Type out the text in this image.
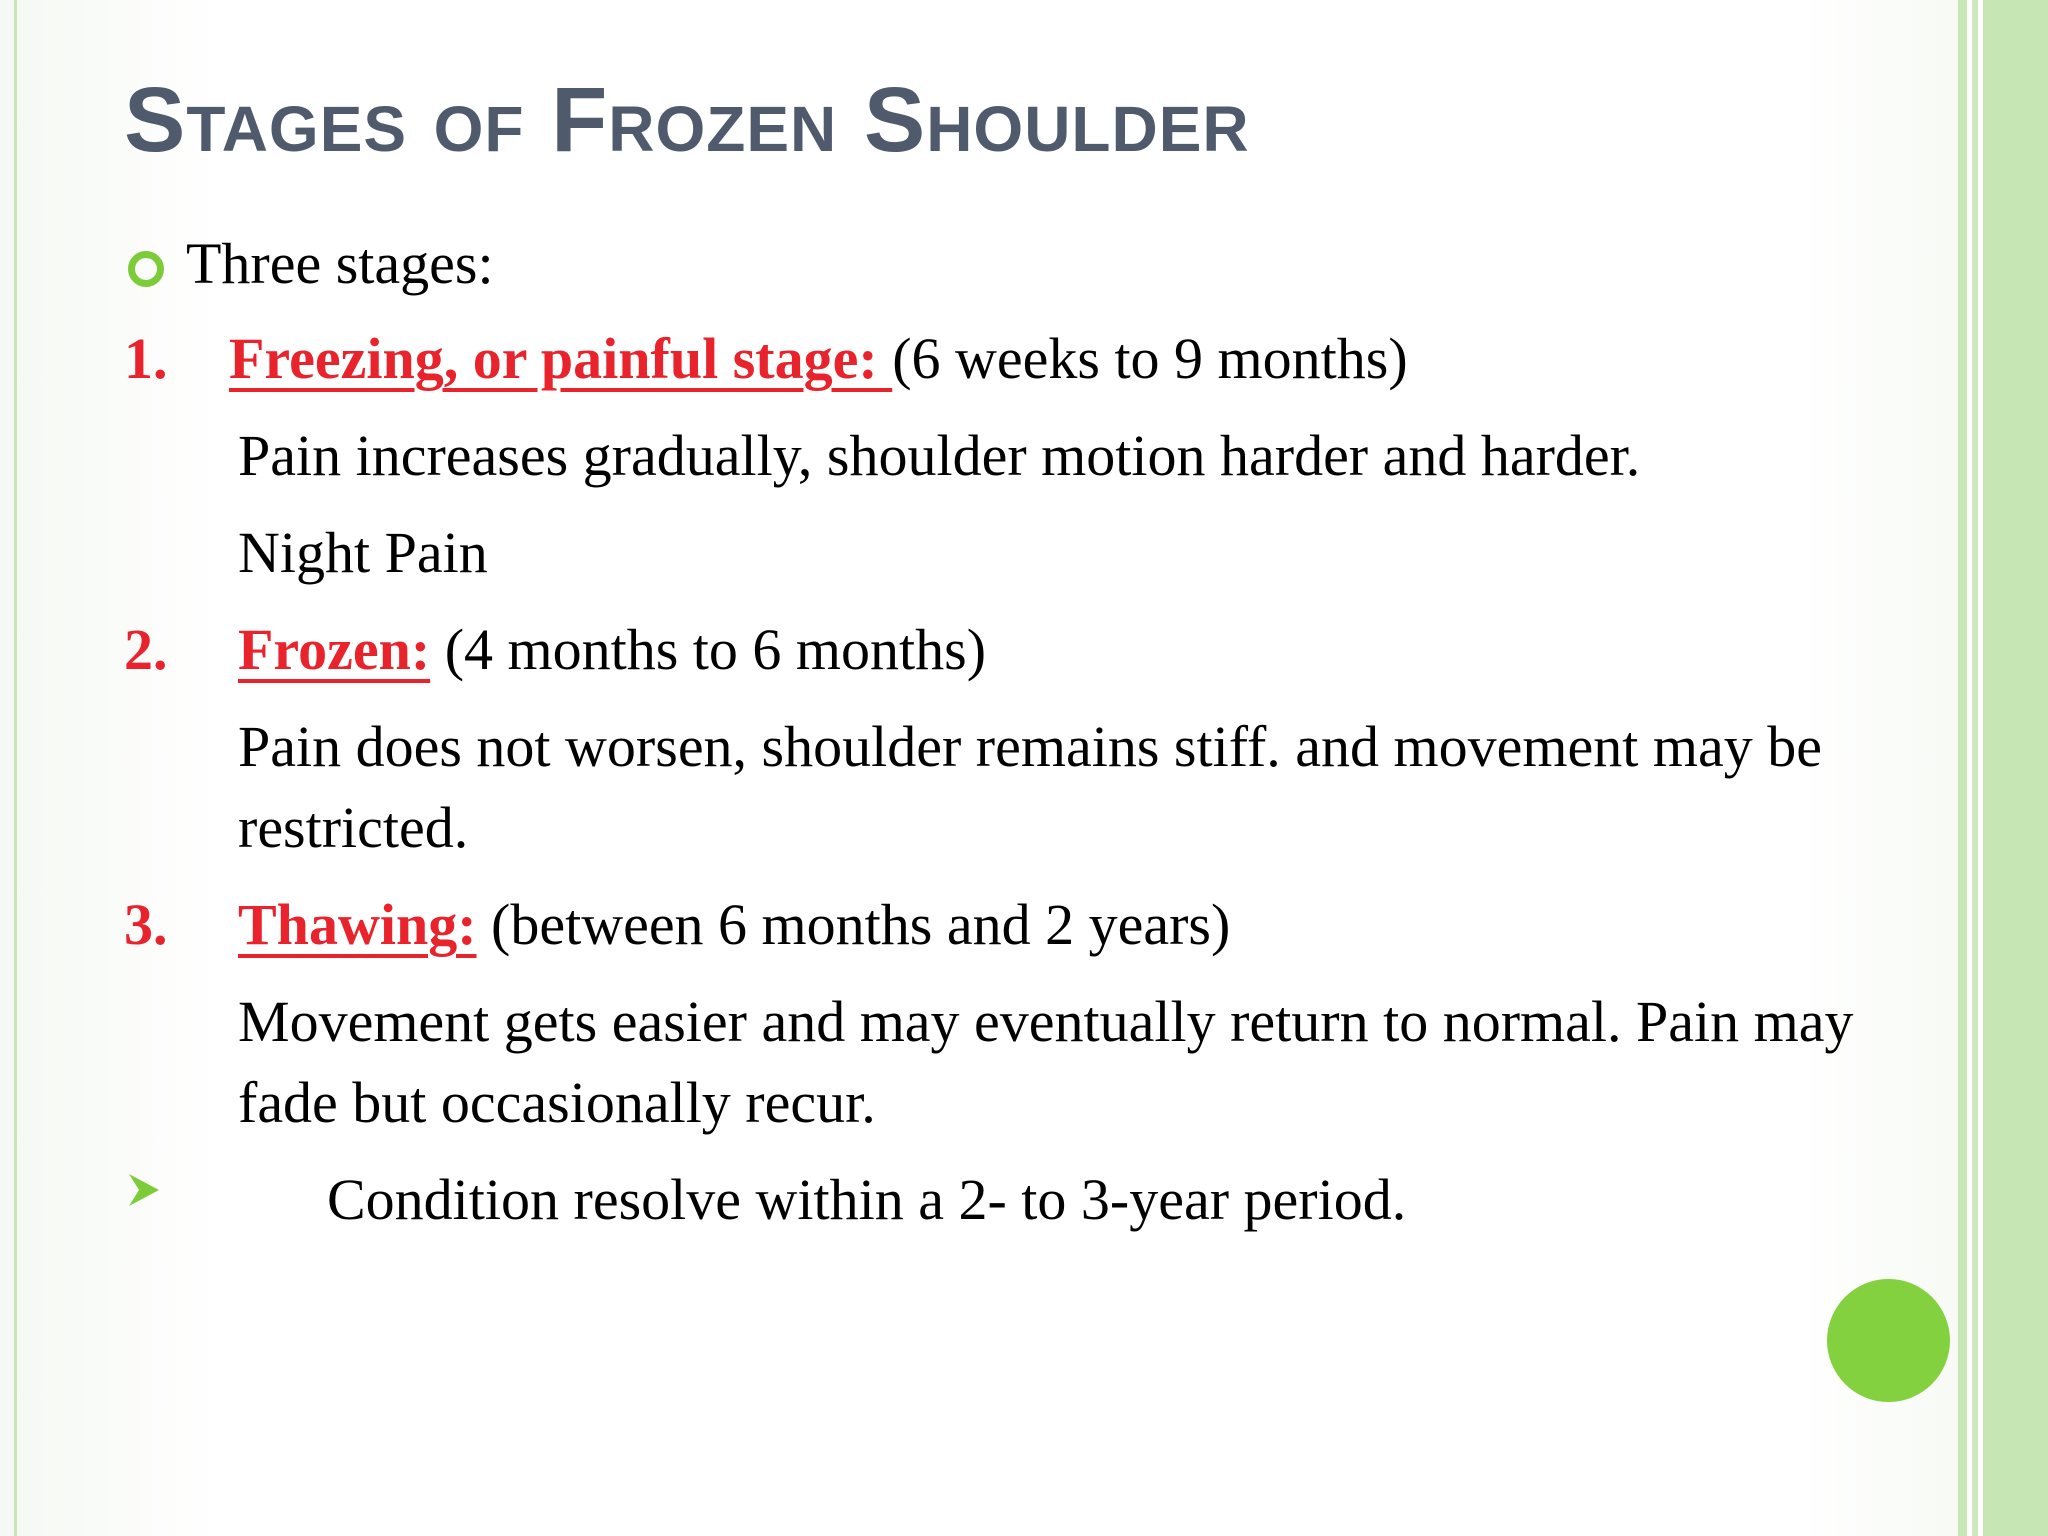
Stages of Frozen Shoulder

Three stages:

1. Freezing, or painful stage: (6 weeks to 9 months)

Pain increases gradually, shoulder motion harder and harder.

Night Pain

2. Frozen: (4 months to 6 months)

Pain does not worsen, shoulder remains stiff. and movement may be

restricted.

3. Thawing: (between 6 months and 2 years)

Movement gets easier and may eventually return to normal. Pain may

fade but occasionally recur.

Condition resolve within a 2- to 3-year period.
